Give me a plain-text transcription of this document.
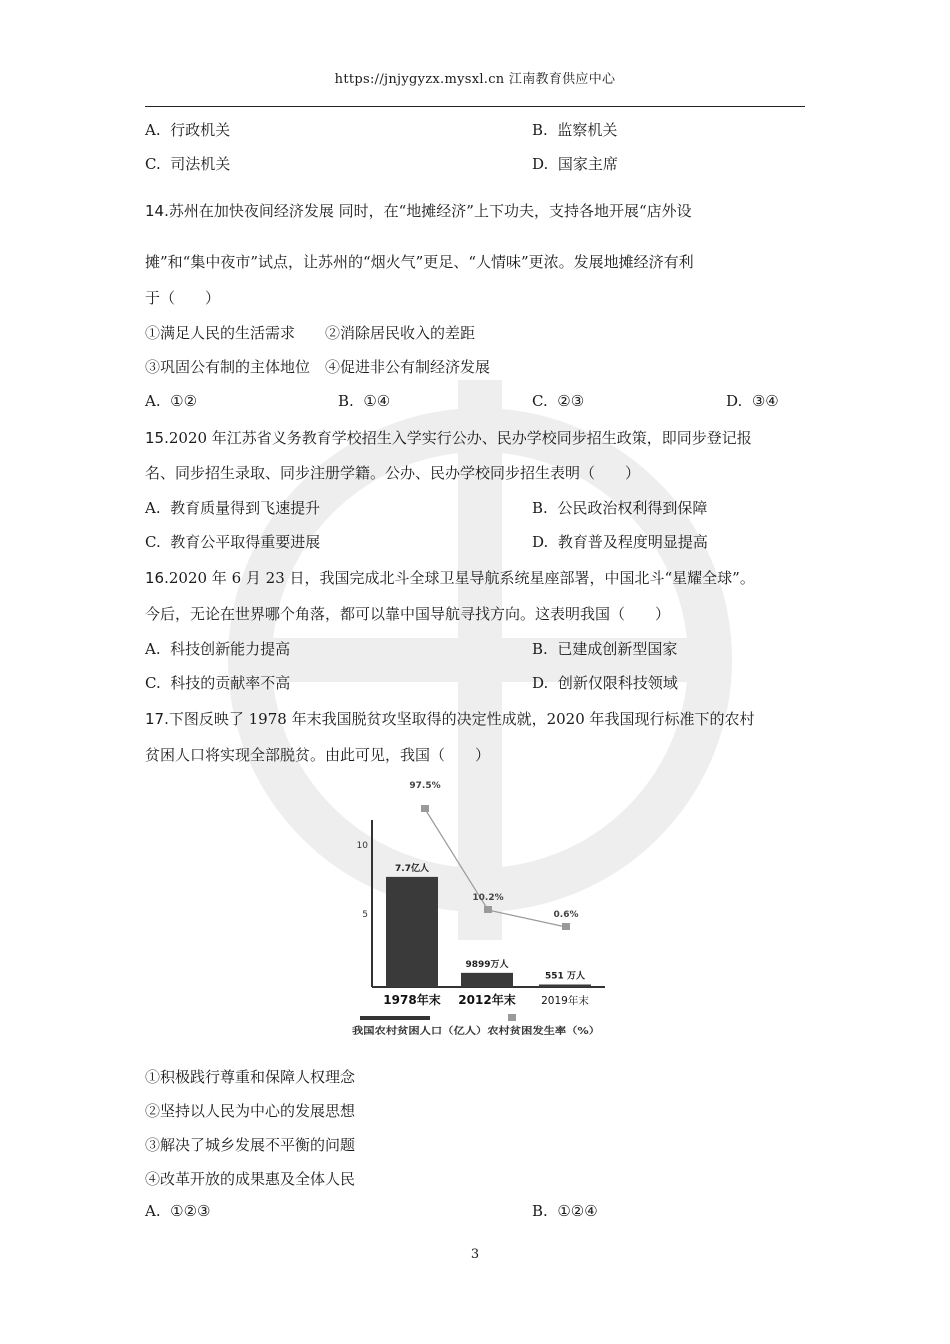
https://jnjygyzx.mysxl.cn 江南教育供应中心
A. 行政机关	B. 监察机关
C. 司法机关	D. 国家主席
14.苏州在加快夜间经济发展 同时，在“地摊经济”上下功夫，支持各地开展“店外设
摊”和“集中夜市”试点，让苏州的“烟火气”更足、“人情味”更浓。发展地摊经济有利
于（　　）
①满足人民的生活需求　　②消除居民收入的差距
③巩固公有制的主体地位　④促进非公有制经济发展
A. ①②	B. ①④	C. ②③	D. ③④
15.2020 年江苏省义务教育学校招生入学实行公办、民办学校同步招生政策，即同步登记报
名、同步招生录取、同步注册学籍。公办、民办学校同步招生表明（　　）
A. 教育质量得到飞速提升	B. 公民政治权利得到保障
C. 教育公平取得重要进展	D. 教育普及程度明显提高
16.2020 年 6 月 23 日，我国完成北斗全球卫星导航系统星座部署，中国北斗“星耀全球”。
今后，无论在世界哪个角落，都可以靠中国导航寻找方向。这表明我国（　　）
A. 科技创新能力提高	B. 已建成创新型国家
C. 科技的贡献率不高	D. 创新仅限科技领域
17.下图反映了 1978 年末我国脱贫攻坚取得的决定性成就，2020 年我国现行标准下的农村
贫困人口将实现全部脱贫。由此可见，我国（　　）
10
5
7.7亿人
9899万人
551 万人
97.5%
10.2%
0.6%
1978年末 2012年末 2019年末
我国农村贫困人口（亿人）农村贫困发生率（%）
①积极践行尊重和保障人权理念
②坚持以人民为中心的发展思想
③解决了城乡发展不平衡的问题
④改革开放的成果惠及全体人民
A. ①②③	B. ①②④
3
